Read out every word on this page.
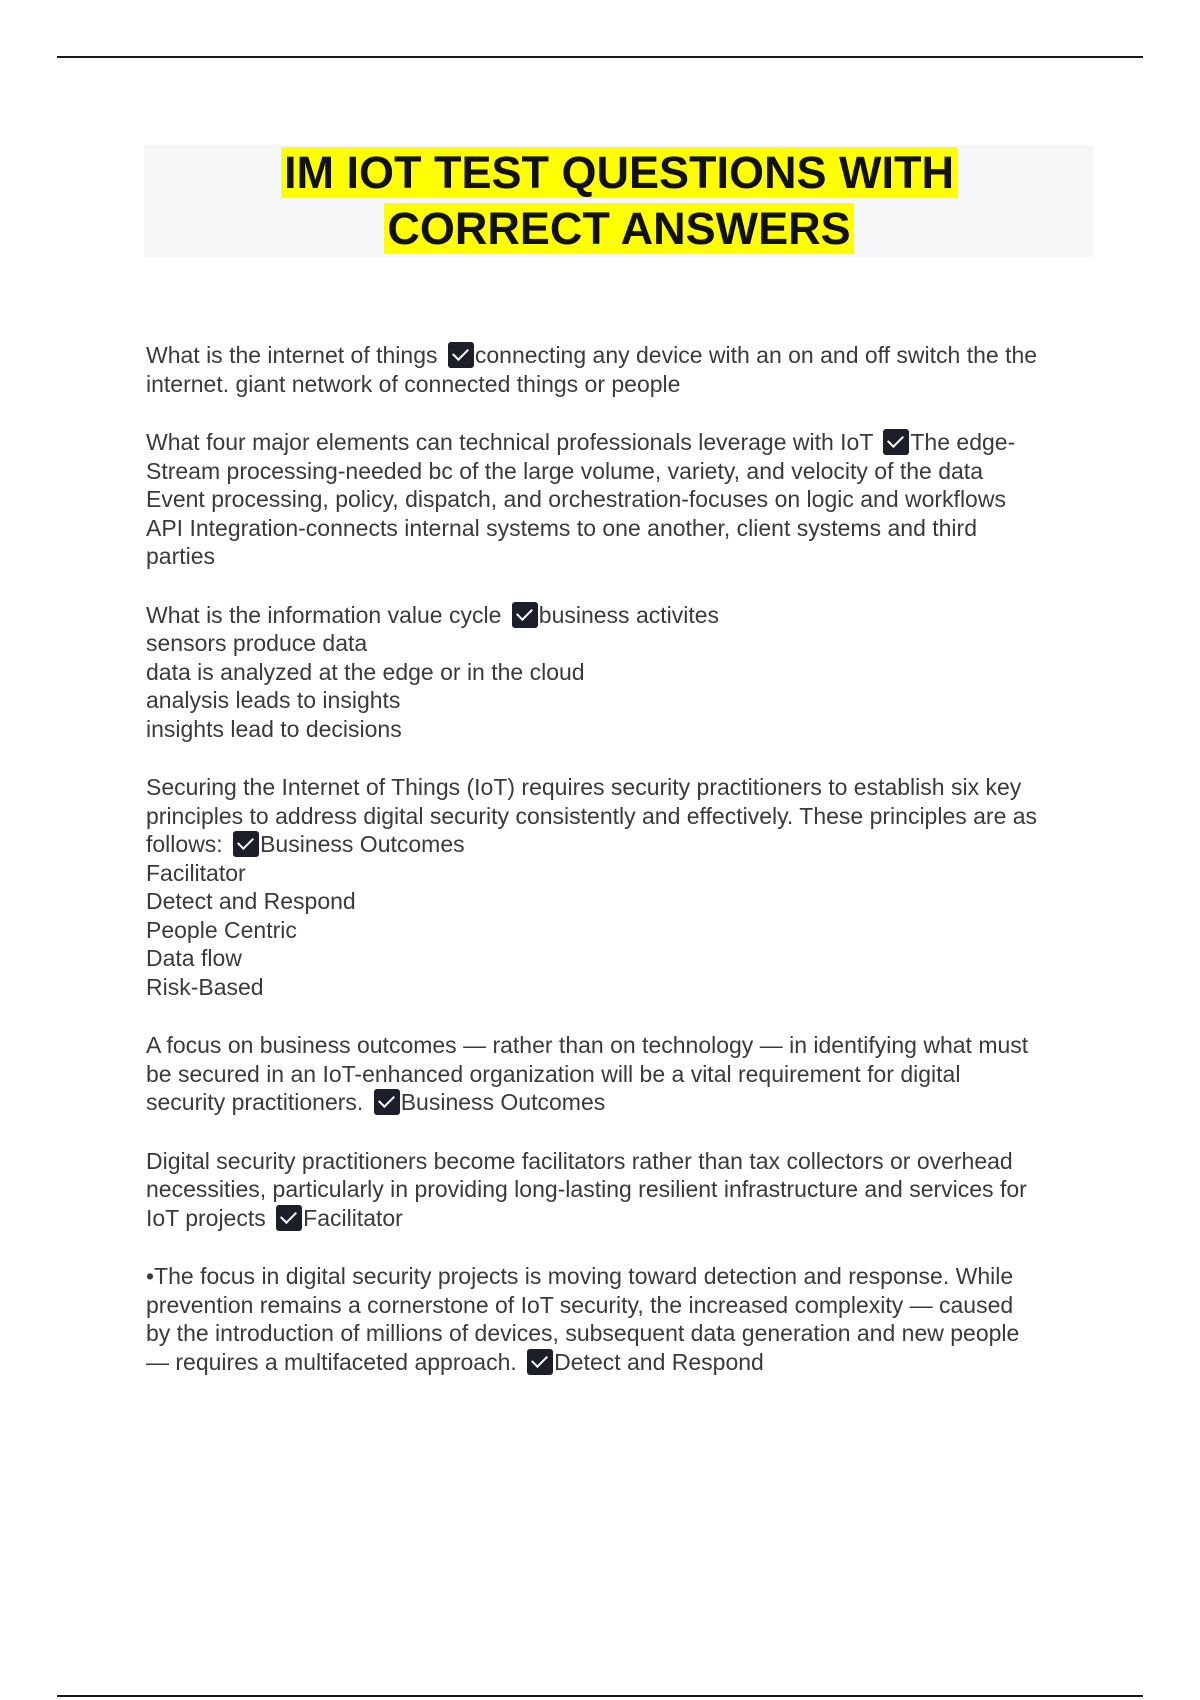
IM IOT TEST QUESTIONS WITH
CORRECT ANSWERS
What is the internet of things connecting any device with an on and off switch the the
internet. giant network of connected things or people
What four major elements can technical professionals leverage with IoT The edge-
Stream processing-needed bc of the large volume, variety, and velocity of the data
Event processing, policy, dispatch, and orchestration-focuses on logic and workflows
API Integration-connects internal systems to one another, client systems and third
parties
What is the information value cycle business activites
sensors produce data
data is analyzed at the edge or in the cloud
analysis leads to insights
insights lead to decisions
Securing the Internet of Things (IoT) requires security practitioners to establish six key
principles to address digital security consistently and effectively. These principles are as
follows: Business Outcomes
Facilitator
Detect and Respond
People Centric
Data flow
Risk-Based
A focus on business outcomes — rather than on technology — in identifying what must
be secured in an IoT-enhanced organization will be a vital requirement for digital
security practitioners. Business Outcomes
Digital security practitioners become facilitators rather than tax collectors or overhead
necessities, particularly in providing long-lasting resilient infrastructure and services for
IoT projects Facilitator
•The focus in digital security projects is moving toward detection and response. While
prevention remains a cornerstone of IoT security, the increased complexity — caused
by the introduction of millions of devices, subsequent data generation and new people
— requires a multifaceted approach. Detect and Respond
